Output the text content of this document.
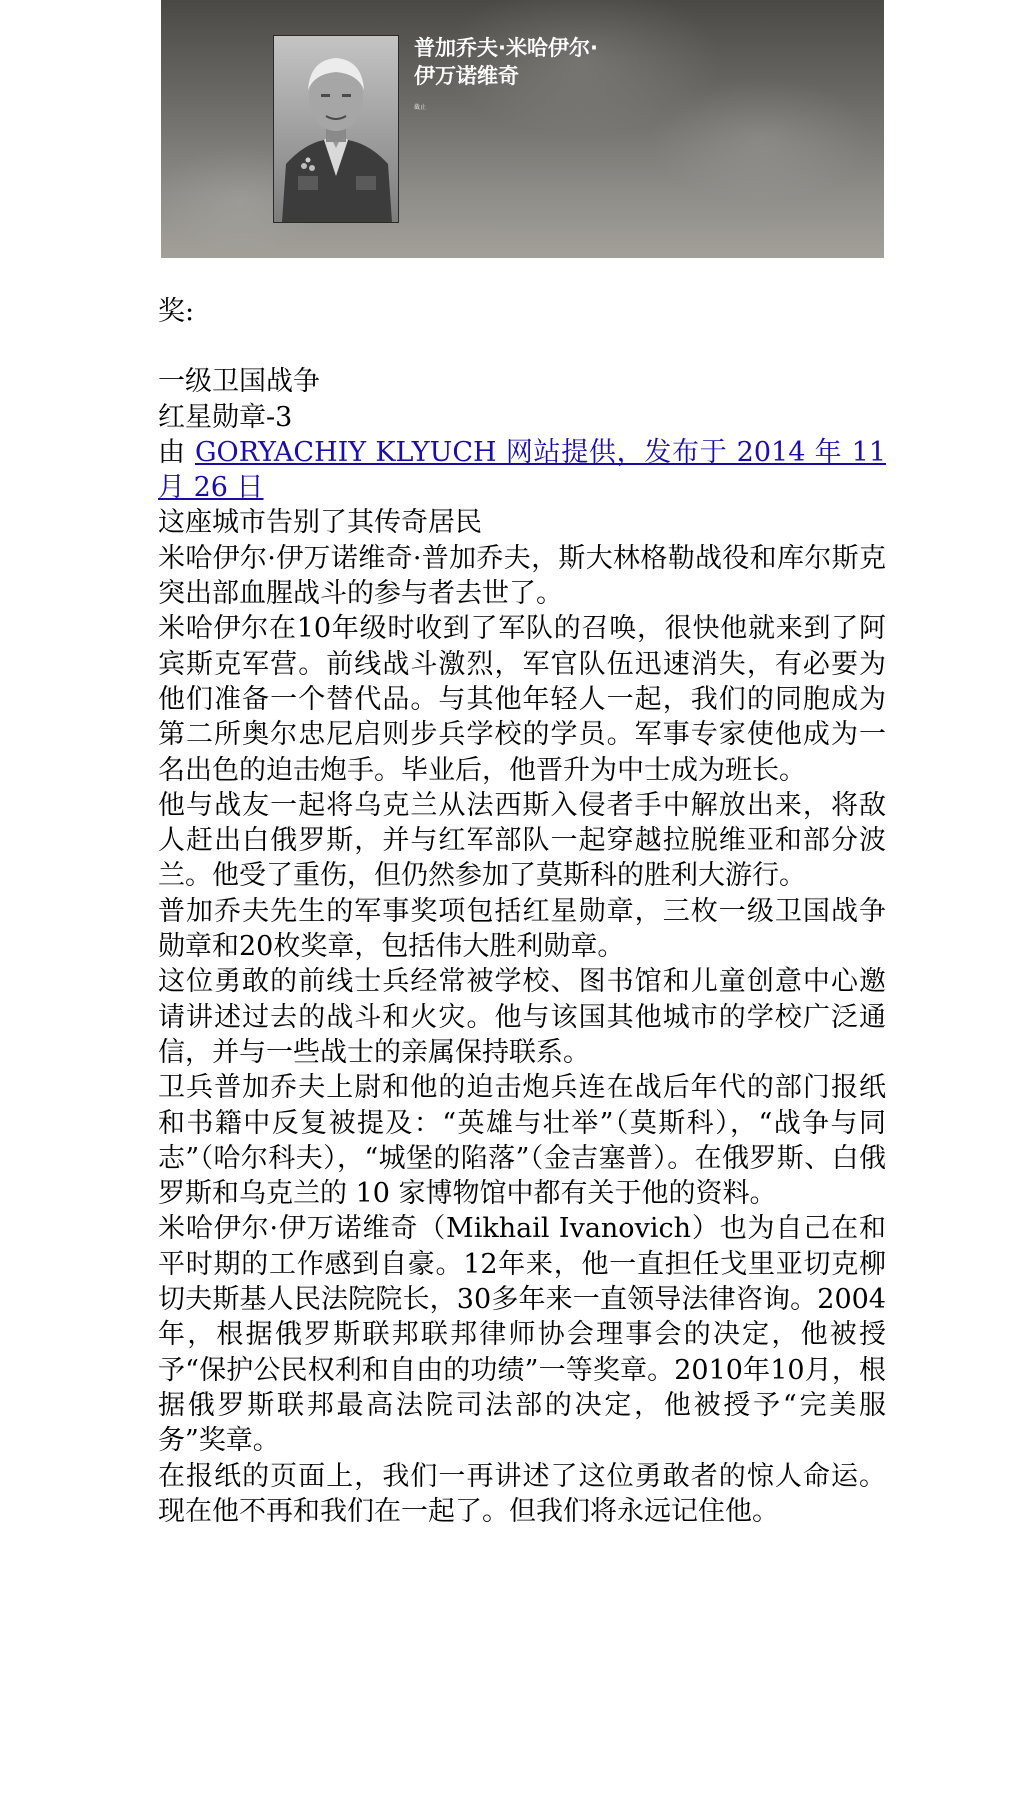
普加乔夫·米哈伊尔·
伊万诺维奇
截止

奖:

一级卫国战争

红星勋章-3

由 GORYACHIY KLYUCH 网站提供，发布于 2014 年 11 月 26 日

这座城市告别了其传奇居民

米哈伊尔·伊万诺维奇·普加乔夫，斯大林格勒战役和库尔斯克突出部血腥战斗的参与者去世了。

米哈伊尔在10年级时收到了军队的召唤，很快他就来到了阿宾斯克军营。前线战斗激烈，军官队伍迅速消失，有必要为他们准备一个替代品。与其他年轻人一起，我们的同胞成为第二所奥尔忠尼启则步兵学校的学员。军事专家使他成为一名出色的迫击炮手。毕业后，他晋升为中士成为班长。

他与战友一起将乌克兰从法西斯入侵者手中解放出来，将敌人赶出白俄罗斯，并与红军部队一起穿越拉脱维亚和部分波兰。他受了重伤，但仍然参加了莫斯科的胜利大游行。

普加乔夫先生的军事奖项包括红星勋章，三枚一级卫国战争勋章和20枚奖章，包括伟大胜利勋章。

这位勇敢的前线士兵经常被学校、图书馆和儿童创意中心邀请讲述过去的战斗和火灾。他与该国其他城市的学校广泛通信，并与一些战士的亲属保持联系。

卫兵普加乔夫上尉和他的迫击炮兵连在战后年代的部门报纸和书籍中反复被提及：“英雄与壮举”（莫斯科），“战争与同志”（哈尔科夫），“城堡的陷落”（金吉塞普）。在俄罗斯、白俄罗斯和乌克兰的 10 家博物馆中都有关于他的资料。

米哈伊尔·伊万诺维奇（Mikhail Ivanovich）也为自己在和平时期的工作感到自豪。12年来，他一直担任戈里亚切克柳切夫斯基人民法院院长，30多年来一直领导法律咨询。2004年，根据俄罗斯联邦联邦律师协会理事会的决定，他被授予“保护公民权利和自由的功绩”一等奖章。2010年10月，根据俄罗斯联邦最高法院司法部的决定，他被授予“完美服务”奖章。

在报纸的页面上，我们一再讲述了这位勇敢者的惊人命运。现在他不再和我们在一起了。但我们将永远记住他。
